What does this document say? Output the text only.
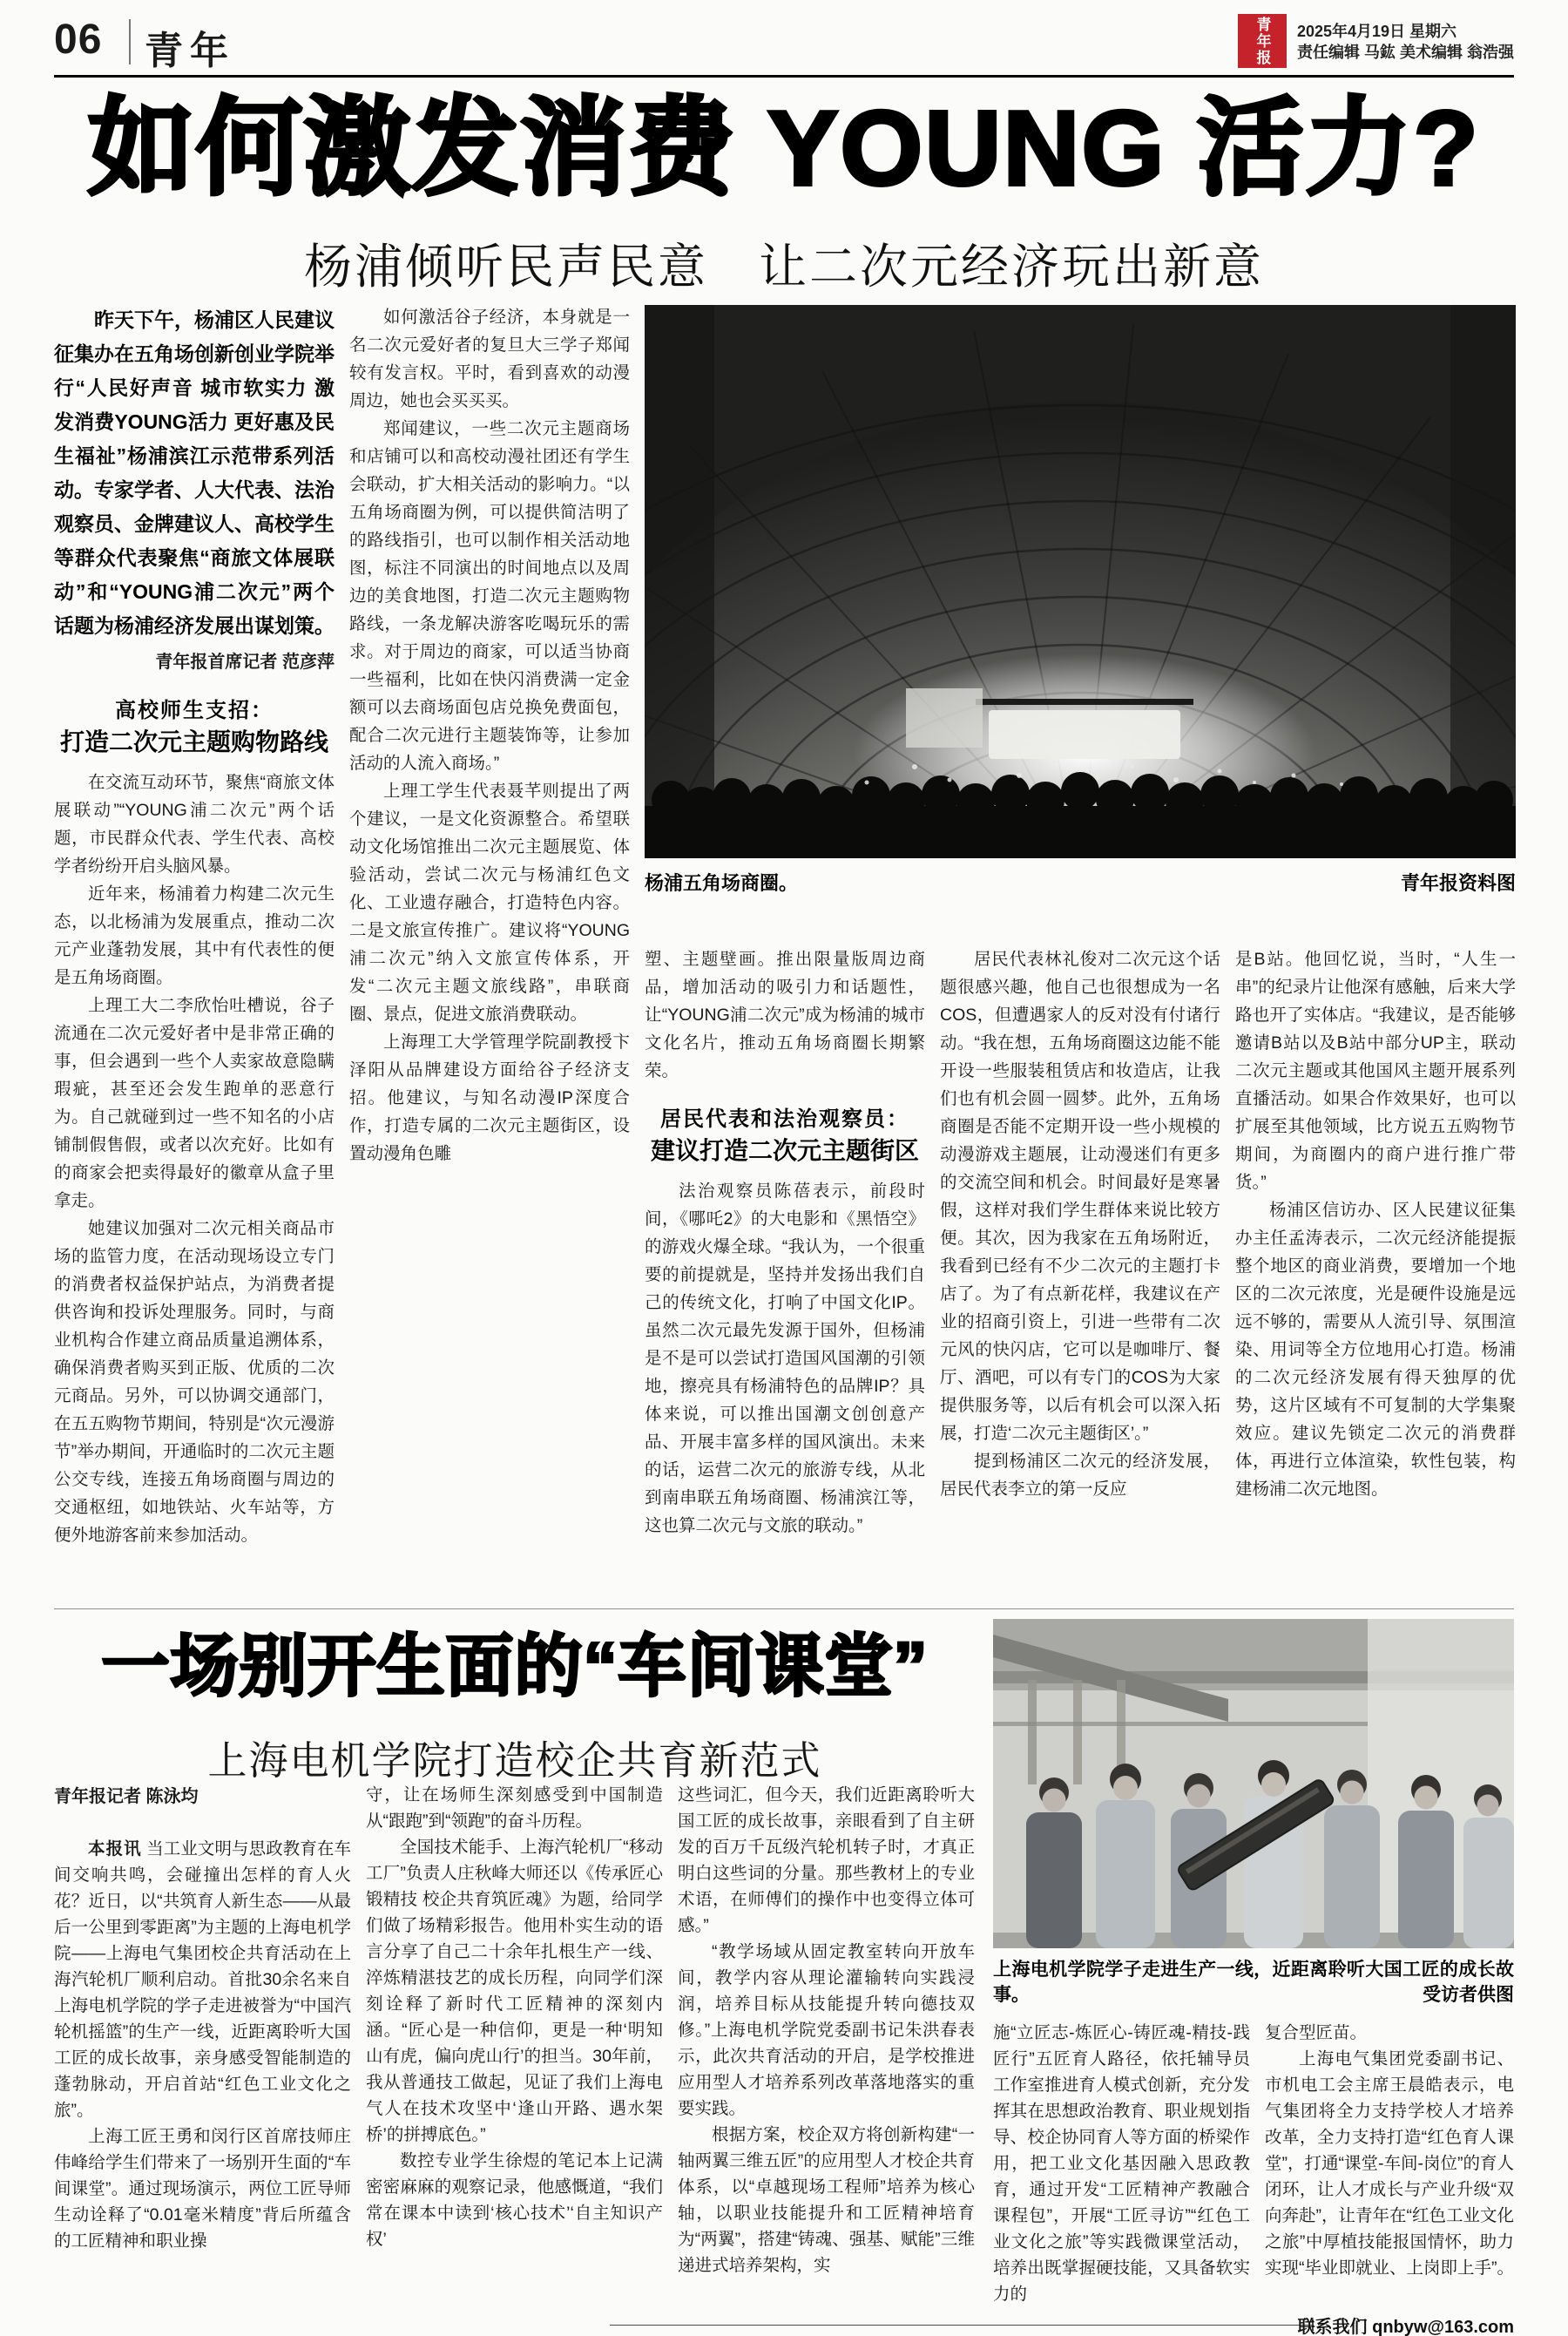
06 青年	青年报	2025年4月19日 星期六
责任编辑 马鈜 美术编辑 翁浩强
如何激发消费 YOUNG 活力?
杨浦倾听民声民意　让二次元经济玩出新意
昨天下午，杨浦区人民建议征集办在五角场创新创业学院举行“人民好声音 城市软实力 激发消费YOUNG活力 更好惠及民生福祉”杨浦滨江示范带系列活动。专家学者、人大代表、法治观察员、金牌建议人、高校学生等群众代表聚焦“商旅文体展联动”和“YOUNG浦二次元”两个话题为杨浦经济发展出谋划策。
青年报首席记者 范彦萍
高校师生支招：
打造二次元主题购物路线
在交流互动环节，聚焦“商旅文体展联动”“YOUNG浦二次元”两个话题，市民群众代表、学生代表、高校学者纷纷开启头脑风暴。
近年来，杨浦着力构建二次元生态，以北杨浦为发展重点，推动二次元产业蓬勃发展，其中有代表性的便是五角场商圈。
上理工大二李欣怡吐槽说，谷子流通在二次元爱好者中是非常正确的事，但会遇到一些个人卖家故意隐瞒瑕疵，甚至还会发生跑单的恶意行为。自己就碰到过一些不知名的小店铺制假售假，或者以次充好。比如有的商家会把卖得最好的徽章从盒子里拿走。
她建议加强对二次元相关商品市场的监管力度，在活动现场设立专门的消费者权益保护站点，为消费者提供咨询和投诉处理服务。同时，与商业机构合作建立商品质量追溯体系，确保消费者购买到正版、优质的二次元商品。另外，可以协调交通部门，在五五购物节期间，特别是“次元漫游节”举办期间，开通临时的二次元主题公交专线，连接五角场商圈与周边的交通枢纽，如地铁站、火车站等，方便外地游客前来参加活动。
如何激活谷子经济，本身就是一名二次元爱好者的复旦大三学子郑闻较有发言权。平时，看到喜欢的动漫周边，她也会买买买。
郑闻建议，一些二次元主题商场和店铺可以和高校动漫社团还有学生会联动，扩大相关活动的影响力。“以五角场商圈为例，可以提供简洁明了的路线指引，也可以制作相关活动地图，标注不同演出的时间地点以及周边的美食地图，打造二次元主题购物路线，一条龙解决游客吃喝玩乐的需求。对于周边的商家，可以适当协商一些福利，比如在快闪消费满一定金额可以去商场面包店兑换免费面包，配合二次元进行主题装饰等，让参加活动的人流入商场。”
上理工学生代表聂芊则提出了两个建议，一是文化资源整合。希望联动文化场馆推出二次元主题展览、体验活动，尝试二次元与杨浦红色文化、工业遗存融合，打造特色内容。二是文旅宣传推广。建议将“YOUNG浦二次元”纳入文旅宣传体系，开发“二次元主题文旅线路”，串联商圈、景点，促进文旅消费联动。
上海理工大学管理学院副教授卞泽阳从品牌建设方面给谷子经济支招。他建议，与知名动漫IP深度合作，打造专属的二次元主题街区，设置动漫角色雕
杨浦五角场商圈。	青年报资料图
塑、主题壁画。推出限量版周边商品，增加活动的吸引力和话题性，让“YOUNG浦二次元”成为杨浦的城市文化名片，推动五角场商圈长期繁荣。
居民代表和法治观察员：
建议打造二次元主题街区
法治观察员陈蓓表示，前段时间，《哪吒2》的大电影和《黑悟空》的游戏火爆全球。“我认为，一个很重要的前提就是，坚持并发扬出我们自己的传统文化，打响了中国文化IP。虽然二次元最先发源于国外，但杨浦是不是可以尝试打造国风国潮的引领地，擦亮具有杨浦特色的品牌IP？具体来说，可以推出国潮文创创意产品、开展丰富多样的国风演出。未来的话，运营二次元的旅游专线，从北到南串联五角场商圈、杨浦滨江等，这也算二次元与文旅的联动。”
居民代表林礼俊对二次元这个话题很感兴趣，他自己也很想成为一名COS，但遭遇家人的反对没有付诸行动。“我在想，五角场商圈这边能不能开设一些服装租赁店和妆造店，让我们也有机会圆一圆梦。此外，五角场商圈是否能不定期开设一些小规模的动漫游戏主题展，让动漫迷们有更多的交流空间和机会。时间最好是寒暑假，这样对我们学生群体来说比较方便。其次，因为我家在五角场附近，我看到已经有不少二次元的主题打卡店了。为了有点新花样，我建议在产业的招商引资上，引进一些带有二次元风的快闪店，它可以是咖啡厅、餐厅、酒吧，可以有专门的COS为大家提供服务等，以后有机会可以深入拓展，打造‘二次元主题街区’。”
提到杨浦区二次元的经济发展，居民代表李立的第一反应
是B站。他回忆说，当时，“人生一串”的纪录片让他深有感触，后来大学路也开了实体店。“我建议，是否能够邀请B站以及B站中部分UP主，联动二次元主题或其他国风主题开展系列直播活动。如果合作效果好，也可以扩展至其他领域，比方说五五购物节期间，为商圈内的商户进行推广带货。”
杨浦区信访办、区人民建议征集办主任孟涛表示，二次元经济能提振整个地区的商业消费，要增加一个地区的二次元浓度，光是硬件设施是远远不够的，需要从人流引导、氛围渲染、用词等全方位地用心打造。杨浦的二次元经济发展有得天独厚的优势，这片区域有不可复制的大学集聚效应。建议先锁定二次元的消费群体，再进行立体渲染，软性包装，构建杨浦二次元地图。
一场别开生面的“车间课堂”
上海电机学院打造校企共育新范式
上海电机学院学子走进生产一线，近距离聆听大国工匠的成长故事。	受访者供图
青年报记者 陈泳均
本报讯 当工业文明与思政教育在车间交响共鸣，会碰撞出怎样的育人火花？近日，以“共筑育人新生态——从最后一公里到零距离”为主题的上海电机学院——上海电气集团校企共育活动在上海汽轮机厂顺利启动。首批30余名来自上海电机学院的学子走进被誉为“中国汽轮机摇篮”的生产一线，近距离聆听大国工匠的成长故事，亲身感受智能制造的蓬勃脉动，开启首站“红色工业文化之旅”。
上海工匠王勇和闵行区首席技师庄伟峰给学生们带来了一场别开生面的“车间课堂”。通过现场演示，两位工匠导师生动诠释了“0.01毫米精度”背后所蕴含的工匠精神和职业操
守，让在场师生深刻感受到中国制造从“跟跑”到“领跑”的奋斗历程。
全国技术能手、上海汽轮机厂“移动工厂”负责人庄秋峰大师还以《传承匠心锻精技 校企共育筑匠魂》为题，给同学们做了场精彩报告。他用朴实生动的语言分享了自己二十余年扎根生产一线、淬炼精湛技艺的成长历程，向同学们深刻诠释了新时代工匠精神的深刻内涵。“匠心是一种信仰，更是一种‘明知山有虎，偏向虎山行’的担当。30年前，我从普通技工做起，见证了我们上海电气人在技术攻坚中‘逢山开路、遇水架桥’的拼搏底色。”
数控专业学生徐煜的笔记本上记满密密麻麻的观察记录，他感慨道，“我们常在课本中读到‘核心技术’‘自主知识产权’
这些词汇，但今天，我们近距离聆听大国工匠的成长故事，亲眼看到了自主研发的百万千瓦级汽轮机转子时，才真正明白这些词的分量。那些教材上的专业术语，在师傅们的操作中也变得立体可感。”
“教学场域从固定教室转向开放车间，教学内容从理论灌输转向实践浸润，培养目标从技能提升转向德技双修。”上海电机学院党委副书记朱洪春表示，此次共育活动的开启，是学校推进应用型人才培养系列改革落地落实的重要实践。
根据方案，校企双方将创新构建“一轴两翼三维五匠”的应用型人才校企共育体系，以“卓越现场工程师”培养为核心轴，以职业技能提升和工匠精神培育为“两翼”，搭建“铸魂、强基、赋能”三维递进式培养架构，实
施“立匠志-炼匠心-铸匠魂-精技-践匠行”五匠育人路径，依托辅导员工作室推进育人模式创新，充分发挥其在思想政治教育、职业规划指导、校企协同育人等方面的桥梁作用，把工业文化基因融入思政教育，通过开发“工匠精神产教融合课程包”，开展“工匠寻访”“红色工业文化之旅”等实践微课堂活动，培养出既掌握硬技能，又具备软实力的
复合型匠苗。
上海电气集团党委副书记、市机电工会主席王晨皓表示，电气集团将全力支持学校人才培养改革，全力支持打造“红色育人课堂”，打通“课堂-车间-岗位”的育人闭环，让人才成长与产业升级“双向奔赴”，让青年在“红色工业文化之旅”中厚植技能报国情怀，助力实现“毕业即就业、上岗即上手”。
联系我们 qnbyw@163.com
